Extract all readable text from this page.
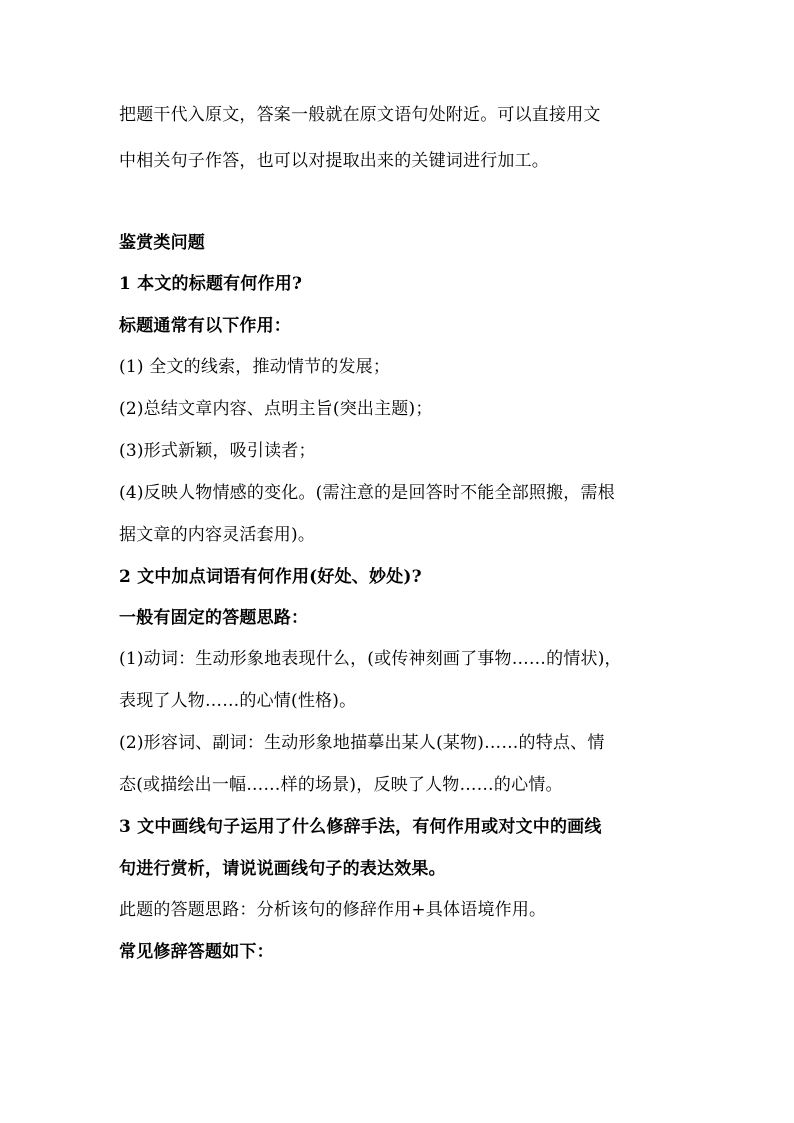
把题干代入原文，答案一般就在原文语句处附近。可以直接用文
中相关句子作答，也可以对提取出来的关键词进行加工。
鉴赏类问题
1 本文的标题有何作用?
标题通常有以下作用：
(1) 全文的线索，推动情节的发展；
(2)总结文章内容、点明主旨(突出主题)；
(3)形式新颖，吸引读者；
(4)反映人物情感的变化。(需注意的是回答时不能全部照搬，需根
据文章的内容灵活套用)。
2 文中加点词语有何作用(好处、妙处)?
一般有固定的答题思路：
(1)动词：生动形象地表现什么，(或传神刻画了事物……的情状)，
表现了人物……的心情(性格)。
(2)形容词、副词：生动形象地描摹出某人(某物)……的特点、情
态(或描绘出一幅……样的场景)，反映了人物……的心情。
3 文中画线句子运用了什么修辞手法，有何作用或对文中的画线
句进行赏析，请说说画线句子的表达效果。
此题的答题思路：分析该句的修辞作用+具体语境作用。
常见修辞答题如下：
